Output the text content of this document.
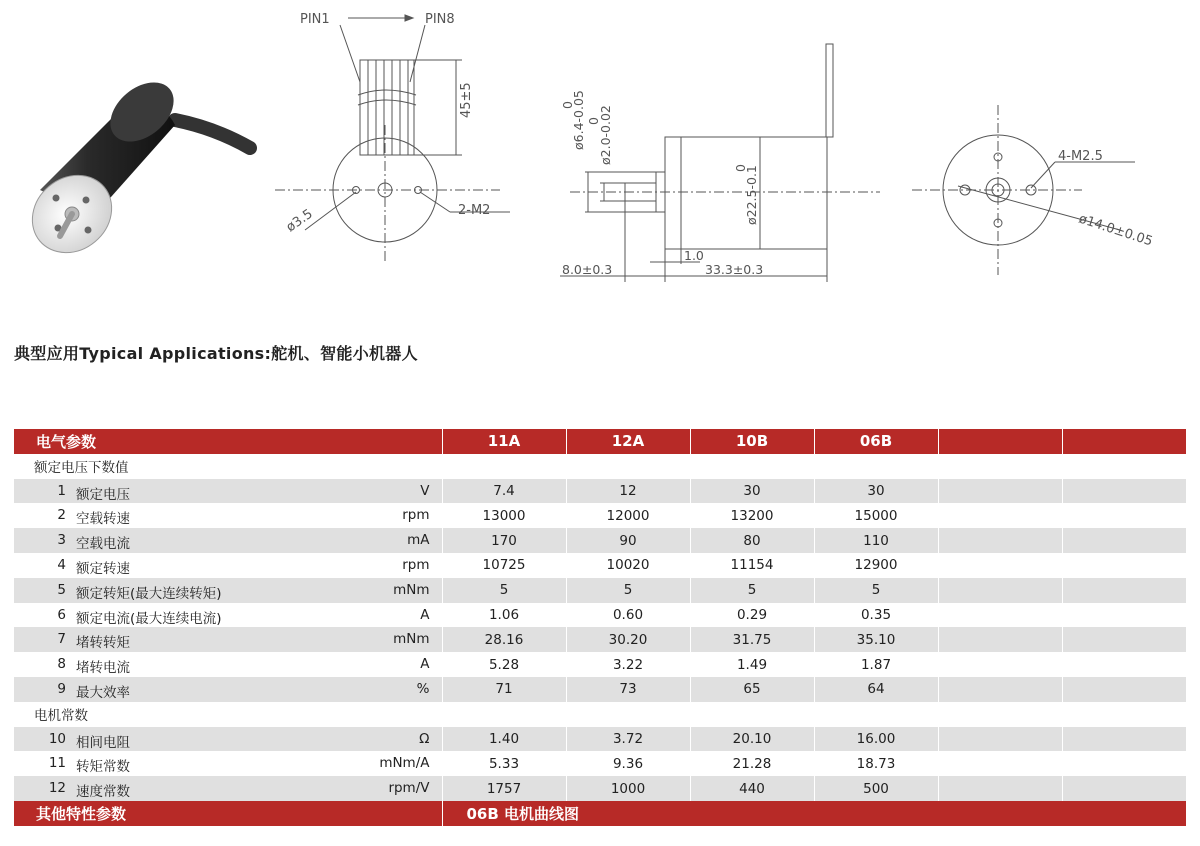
PIN1	PIN8
45±5
ø3.5	2-M2
0
ø6.4-0.05 0
ø2.0-0.02
0
ø22.5-0.1
8.0±0.3	33.3±0.3
1.0
4-M2.5
ø14.0±0.05
典型应用Typical Applications:舵机、智能小机器人
电气参数	11A	12A	10B	06B		
额定电压下数值						

1 额定电压 V	7.4	12	30	30		

2 空载转速 rpm	13000	12000	13200	15000		

3 空载电流 mA	170	90	80	110		

4 额定转速 rpm	10725	10020	11154	12900		

5 额定转矩(最大连续转矩) mNm	5	5	5	5		

6 额定电流(最大连续电流) A	1.06	0.60	0.29	0.35		

7 堵转转矩 mNm	28.16	30.20	31.75	35.10		

8 堵转电流 A	5.28	3.22	1.49	1.87		

9 最大效率 %	71	73	65	64		
电机常数						

10 相间电阻 Ω	1.40	3.72	20.10	16.00		

11 转矩常数 mNm/A	5.33	9.36	21.28	18.73		

12 速度常数 rpm/V	1757	1000	440	500		
其他特性参数	06B 电机曲线图					
